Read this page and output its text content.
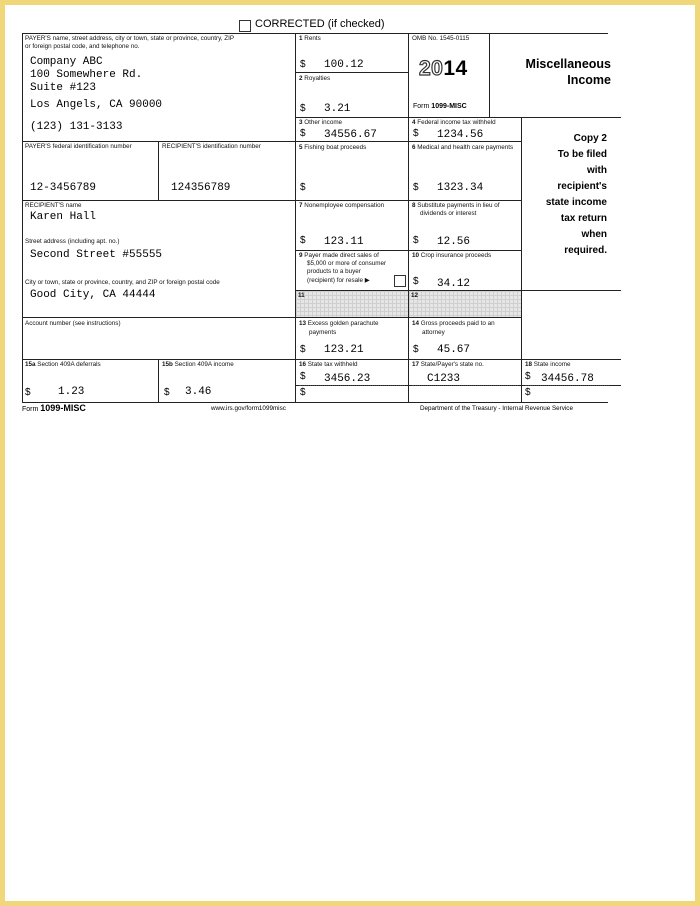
CORRECTED (if checked)
PAYER'S name, street address, city or town, state or province, country, ZIP
or foreign postal code, and telephone no.
Company ABC
100 Somewhere Rd.
Suite #123
Los Angels, CA 90000
(123) 131-3133
PAYER'S federal identification number
12-3456789
RECIPIENT'S identification number
124356789
RECIPIENT'S name
Karen Hall
Street address (including apt. no.)
Second Street #55555
City or town, state or province, country, and ZIP or foreign postal code
Good City, CA 44444
Account number (see instructions)
15a Section 409A deferrals
$ 1.23
15b Section 409A income
$ 3.46
1 Rents
$ 100.12
2 Royalties
$ 3.21
OMB No. 1545-0115
2014
Form 1099-MISC
Miscellaneous
Income
3 Other income
$ 34556.67
4 Federal income tax withheld
$ 1234.56
5 Fishing boat proceeds
$
6 Medical and health care payments
$ 1323.34
7 Nonemployee compensation
$ 123.11
8 Substitute payments in lieu of
dividends or interest
$ 12.56
9 Payer made direct sales of
$5,000 or more of consumer
products to a buyer
(recipient) for resale ▶
10 Crop insurance proceeds
$ 34.12
11	12
13 Excess golden parachute
payments
$ 123.21
14 Gross proceeds paid to an
attorney
$ 45.67
16 State tax withheld
$ 3456.23
$
17 State/Payer's state no.
C1233
18 State income
$ 34456.78
$
Copy 2
To be filed
with
recipient's
state income
tax return
when
required.
Form 1099-MISC	www.irs.gov/form1099misc	Department of the Treasury - Internal Revenue Service
